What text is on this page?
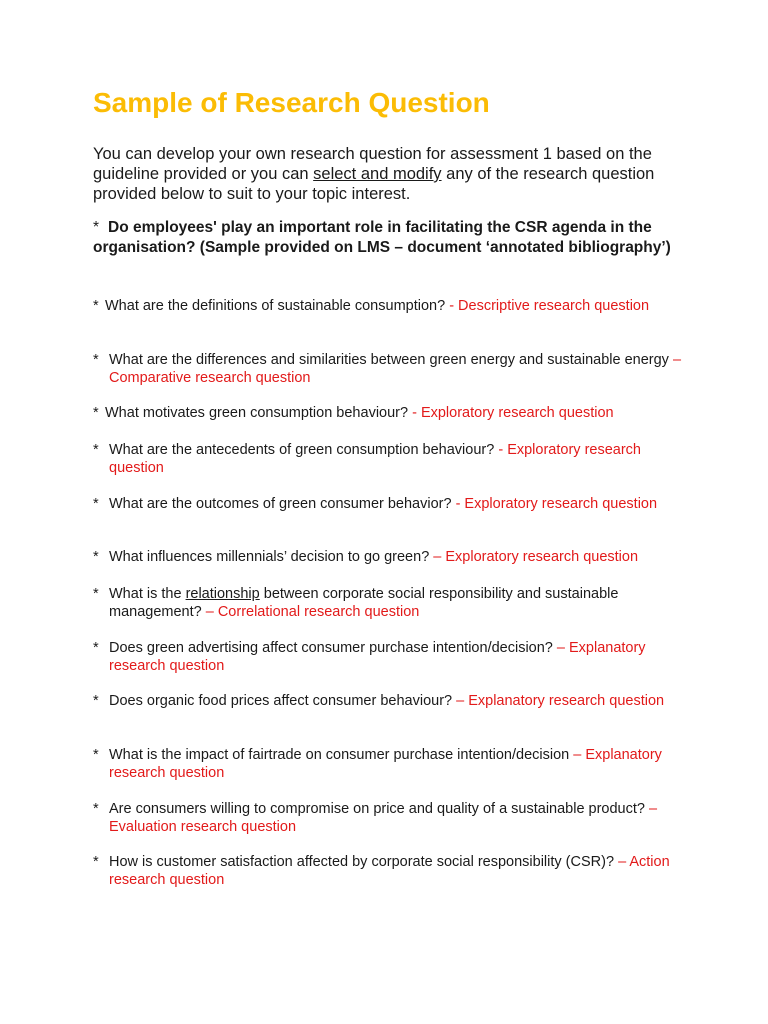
Sample of Research Question

You can develop your own research question for assessment 1 based on the guideline provided or you can select and modify any of the research question provided below to suit to your topic interest.

* Do employees' play an important role in facilitating the CSR agenda in the organisation? (Sample provided on LMS – document ‘annotated bibliography’)

* What are the definitions of sustainable consumption? - Descriptive research question
* What are the differences and similarities between green energy and sustainable energy – Comparative research question
* What motivates green consumption behaviour? - Exploratory research question
* What are the antecedents of green consumption behaviour? - Exploratory research question
* What are the outcomes of green consumer behavior? - Exploratory research question
* What influences millennials’ decision to go green? – Exploratory research question
* What is the relationship between corporate social responsibility and sustainable management? – Correlational research question
* Does green advertising affect consumer purchase intention/decision? – Explanatory research question
* Does organic food prices affect consumer behaviour? – Explanatory research question
* What is the impact of fairtrade on consumer purchase intention/decision – Explanatory research question
* Are consumers willing to compromise on price and quality of a sustainable product? – Evaluation research question
* How is customer satisfaction affected by corporate social responsibility (CSR)? – Action research question
